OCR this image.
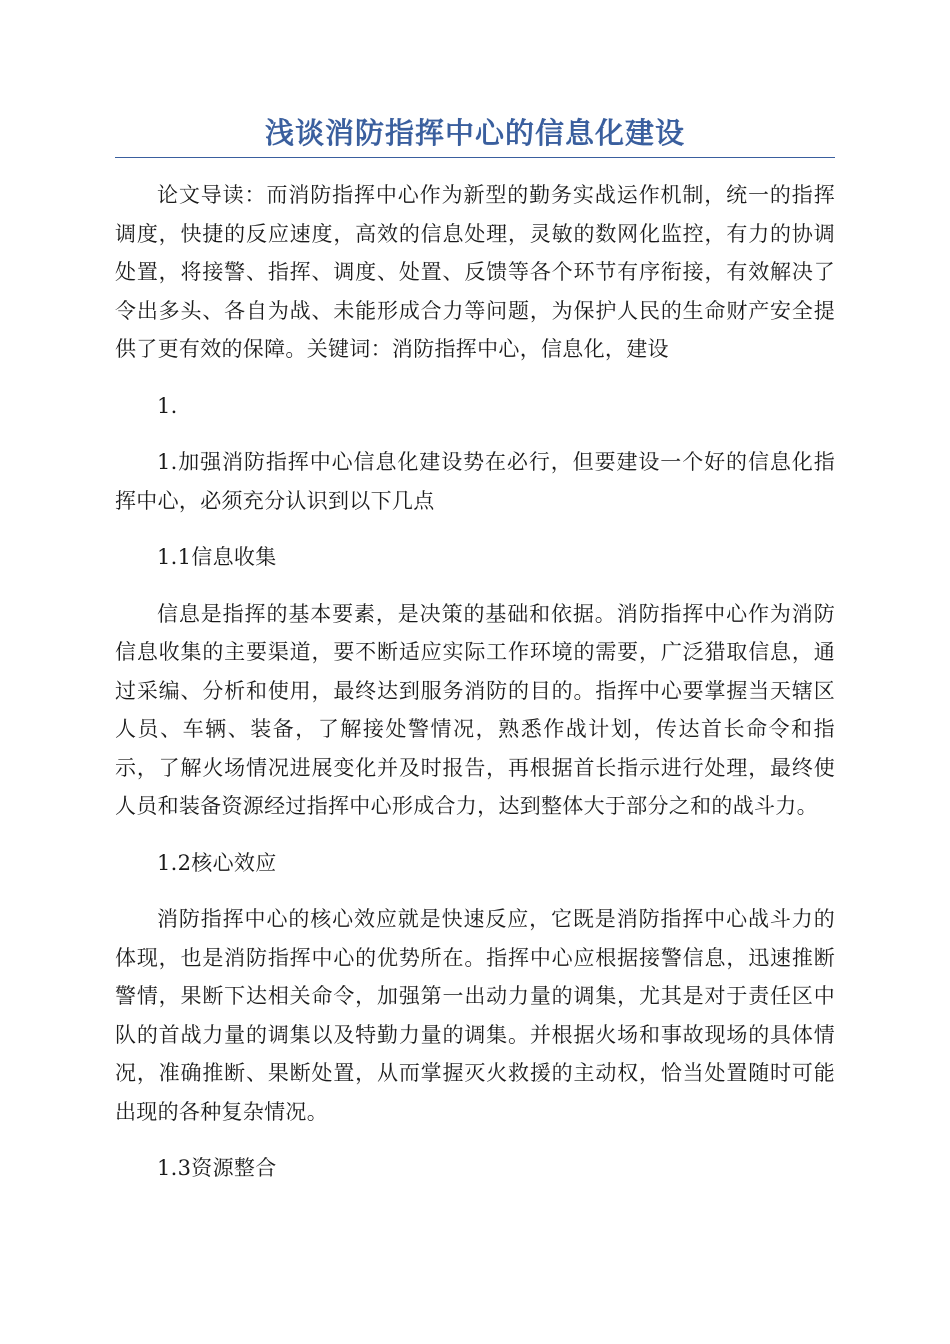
浅谈消防指挥中心的信息化建设

论文导读：而消防指挥中心作为新型的勤务实战运作机制，统一的指挥调度，快捷的反应速度，高效的信息处理，灵敏的数网化监控，有力的协调处置，将接警、指挥、调度、处置、反馈等各个环节有序衔接，有效解决了令出多头、各自为战、未能形成合力等问题，为保护人民的生命财产安全提供了更有效的保障。关键词：消防指挥中心，信息化，建设

1.

1.加强消防指挥中心信息化建设势在必行，但要建设一个好的信息化指挥中心，必须充分认识到以下几点

1.1信息收集

信息是指挥的基本要素，是决策的基础和依据。消防指挥中心作为消防信息收集的主要渠道，要不断适应实际工作环境的需要，广泛猎取信息，通过采编、分析和使用，最终达到服务消防的目的。指挥中心要掌握当天辖区人员、车辆、装备，了解接处警情况，熟悉作战计划，传达首长命令和指示，了解火场情况进展变化并及时报告，再根据首长指示进行处理，最终使人员和装备资源经过指挥中心形成合力，达到整体大于部分之和的战斗力。

1.2核心效应

消防指挥中心的核心效应就是快速反应，它既是消防指挥中心战斗力的体现，也是消防指挥中心的优势所在。指挥中心应根据接警信息，迅速推断警情，果断下达相关命令，加强第一出动力量的调集，尤其是对于责任区中队的首战力量的调集以及特勤力量的调集。并根据火场和事故现场的具体情况，准确推断、果断处置，从而掌握灭火救援的主动权，恰当处置随时可能出现的各种复杂情况。

1.3资源整合
